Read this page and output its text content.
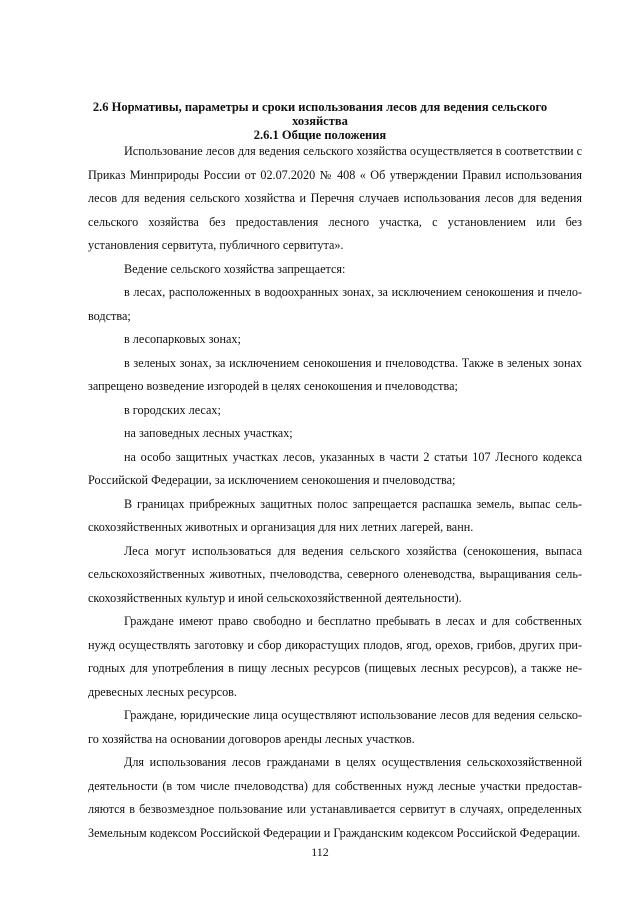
2.6 Нормативы, параметры и сроки использования лесов для ведения сельского хозяйства
2.6.1 Общие положения

Использование лесов для ведения сельского хозяйства осуществляется в соответствии с Приказ Минприроды России от 02.07.2020 № 408 « Об утверждении Правил использования лесов для ведения сельского хозяйства и Перечня случаев использования лесов для ведения сельского хозяйства без предоставления лесного участка, с установлением или без установления сервитута, публичного сервитута».

Ведение сельского хозяйства запрещается:

в лесах, расположенных в водоохранных зонах, за исключением сенокошения и пчеловодства;

в лесопарковых зонах;

в зеленых зонах, за исключением сенокошения и пчеловодства. Также в зеленых зонах запрещено возведение изгородей в целях сенокошения и пчеловодства;

в городских лесах;

на заповедных лесных участках;

на особо защитных участках лесов, указанных в части 2 статьи 107 Лесного кодекса Российской Федерации, за исключением сенокошения и пчеловодства;

В границах прибрежных защитных полос запрещается распашка земель, выпас сельскохозяйственных животных и организация для них летних лагерей, ванн.

Леса могут использоваться для ведения сельского хозяйства (сенокошения, выпаса сельскохозяйственных животных, пчеловодства, северного оленеводства, выращивания сельскохозяйственных культур и иной сельскохозяйственной деятельности).

Граждане имеют право свободно и бесплатно пребывать в лесах и для собственных нужд осуществлять заготовку и сбор дикорастущих плодов, ягод, орехов, грибов, других пригодных для употребления в пищу лесных ресурсов (пищевых лесных ресурсов), а также недревесных лесных ресурсов.

Граждане, юридические лица осуществляют использование лесов для ведения сельского хозяйства на основании договоров аренды лесных участков.

Для использования лесов гражданами в целях осуществления сельскохозяйственной деятельности (в том числе пчеловодства) для собственных нужд лесные участки предоставляются в безвозмездное пользование или устанавливается сервитут в случаях, определенных Земельным кодексом Российской Федерации и Гражданским кодексом Российской Федерации.

112
